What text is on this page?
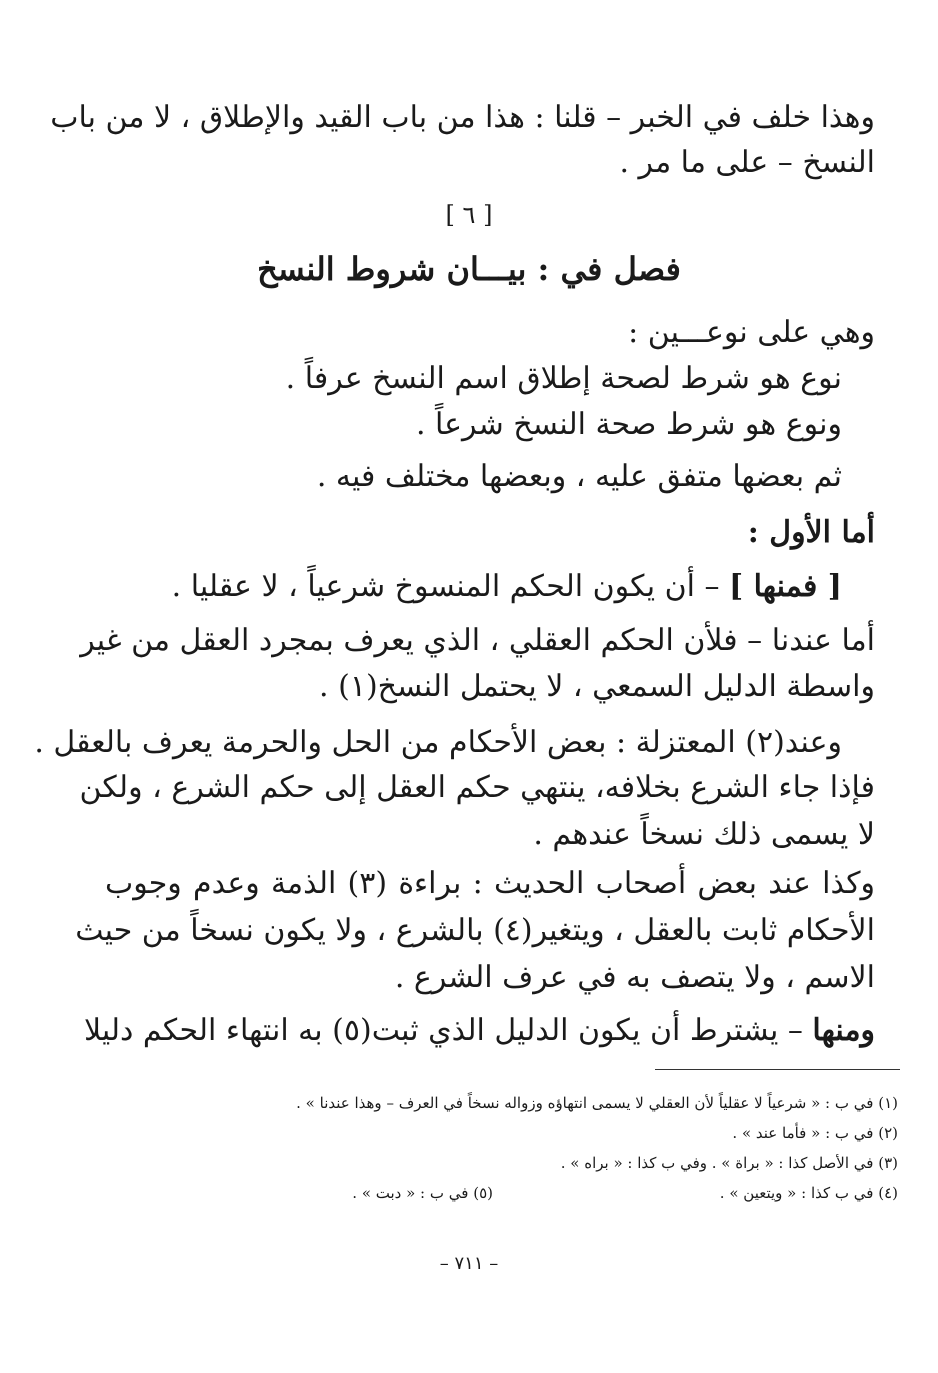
وهذا خلف في الخبر – قلنا : هذا من باب القيد والإطلاق ، لا من باب

النسخ – على ما مر .

[ ٦ ]

فصل في : بيـــان شروط النسخ

وهي على نوعـــين :

نوع هو شرط لصحة إطلاق اسم النسخ عرفاً .

ونوع هو شرط صحة النسخ شرعاً .

ثم بعضها متفق عليه ، وبعضها مختلف فيه .

أما الأول :

[ فمنها ] – أن يكون الحكم المنسوخ شرعياً ، لا عقليا .

أما عندنا – فلأن الحكم العقلي ، الذي يعرف بمجرد العقل من غير

واسطة الدليل السمعي ، لا يحتمل النسخ(١) .

وعند(٢) المعتزلة : بعض الأحكام من الحل والحرمة يعرف بالعقل .

فإذا جاء الشرع بخلافه، ينتهي حكم العقل إلى حكم الشرع ، ولكن

لا يسمى ذلك نسخاً عندهم .

وكذا عند بعض أصحاب الحديث : براءة (٣) الذمة وعدم وجوب

الأحكام ثابت بالعقل ، ويتغير(٤) بالشرع ، ولا يكون نسخاً من حيث

الاسم ، ولا يتصف به في عرف الشرع .

ومنها – يشترط أن يكون الدليل الذي ثبت(٥) به انتهاء الحكم دليلا

(١) في ب : « شرعياً لا عقلياً لأن العقلي لا يسمى انتهاؤه وزواله نسخاً في العرف – وهذا عندنا » .

(٢) في ب : « فأما عند » .

(٣) في الأصل كذا : « براة » . وفي ب كذا : « براه » .

(٤) في ب كذا : « ويتعين » .

(٥) في ب : « دبت » .

– ٧١١ –
